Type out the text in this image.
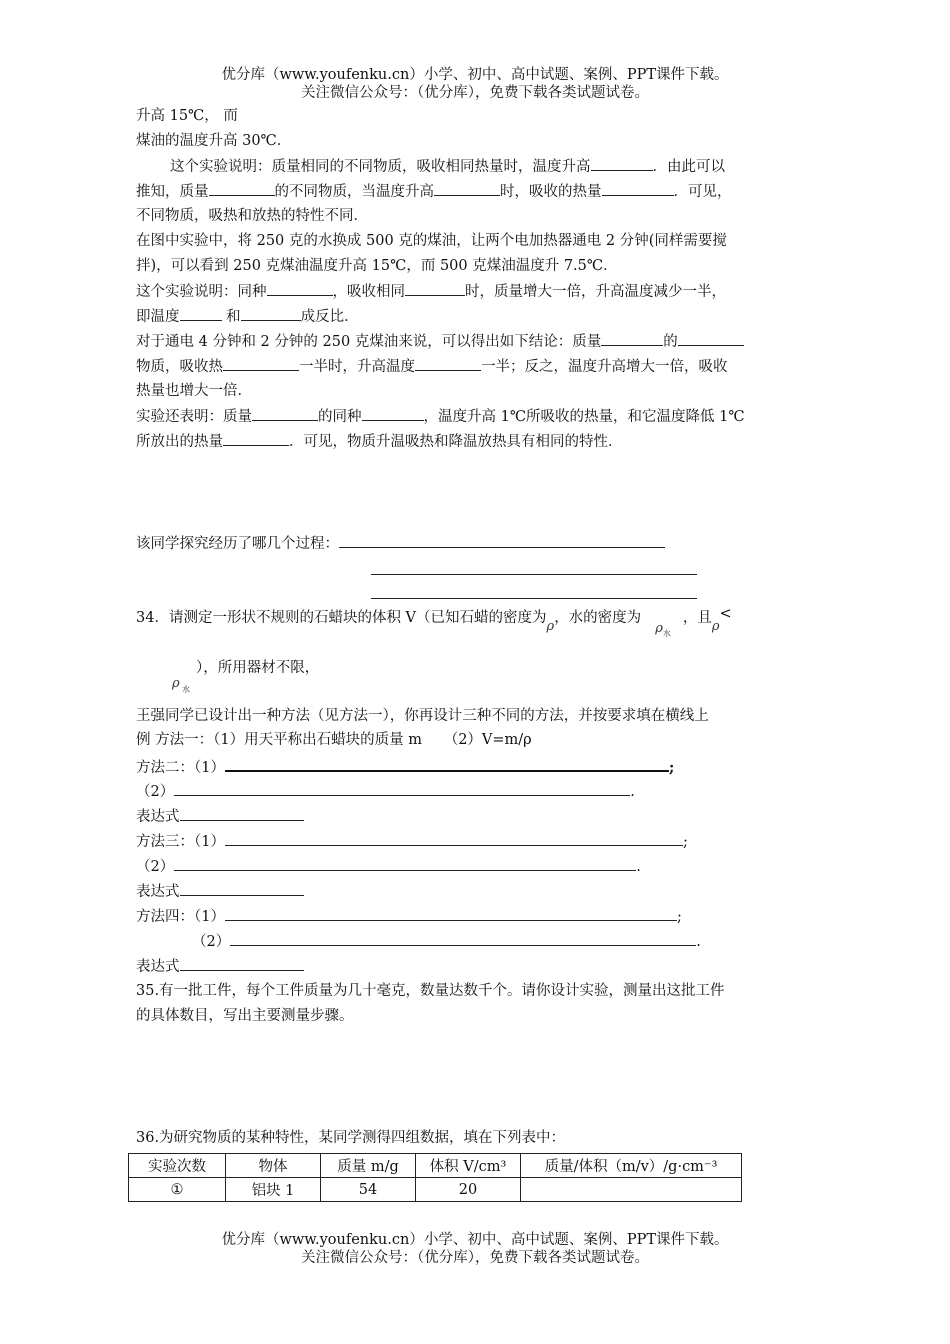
优分库（www.youfenku.cn）小学、初中、高中试题、案例、PPT课件下载。
关注微信公众号：（优分库），免费下载各类试题试卷。
升高 15℃， 而
煤油的温度升高 30℃．
这个实验说明：质量相同的不同物质，吸收相同热量时，温度升高	．由此可以
推知，质量	的不同物质，当温度升高	时，吸收的热量	．可见，
不同物质，吸热和放热的特性不同．
在图中实验中，将 250 克的水换成 500 克的煤油，让两个电加热器通电 2 分钟(同样需要搅
拌)，可以看到 250 克煤油温度升高 15℃，而 500 克煤油温度升 7.5℃．
这个实验说明：同种	，吸收相同	时，质量增大一倍，升高温度减少一半，
即温度	和	成反比．
对于通电 4 分钟和 2 分钟的 250 克煤油来说，可以得出如下结论：质量	的
物质，吸收热	一半时，升高温度	一半；反之，温度升高增大一倍，吸收
热量也增大一倍．
实验还表明：质量	的同种	，温度升高 1℃所吸收的热量，和它温度降低 1℃
所放出的热量	．可见，物质升温吸热和降温放热具有相同的特性．
该同学探究经历了哪几个过程：
34．请测定一形状不规则的石蜡块的体积 V（已知石蜡的密度为ρ，水的密度为$\rho_水$，且ρ<
ρ 水
），所用器材不限，
王强同学已设计出一种方法（见方法一），你再设计三种不同的方法，并按要求填在横线上
例 方法一：（1）用天平称出石蜡块的质量 m　　（2）V=m/ρ
方法二：（1）	;
（2）	.
表达式
方法三：（1）	;
（2）	.
表达式
方法四：（1）	;
（2）	.
表达式
35.有一批工件，每个工件质量为几十毫克，数量达数千个。请你设计实验，测量出这批工件
的具体数目，写出主要测量步骤。
36.为研究物质的某种特性，某同学测得四组数据，填在下列表中：
实验次数	物体	质量 m/g	体积 V/cm³	质量/体积（m/v）/g·cm⁻³
①	铝块 1	54	20	
优分库（www.youfenku.cn）小学、初中、高中试题、案例、PPT课件下载。
关注微信公众号：（优分库），免费下载各类试题试卷。
